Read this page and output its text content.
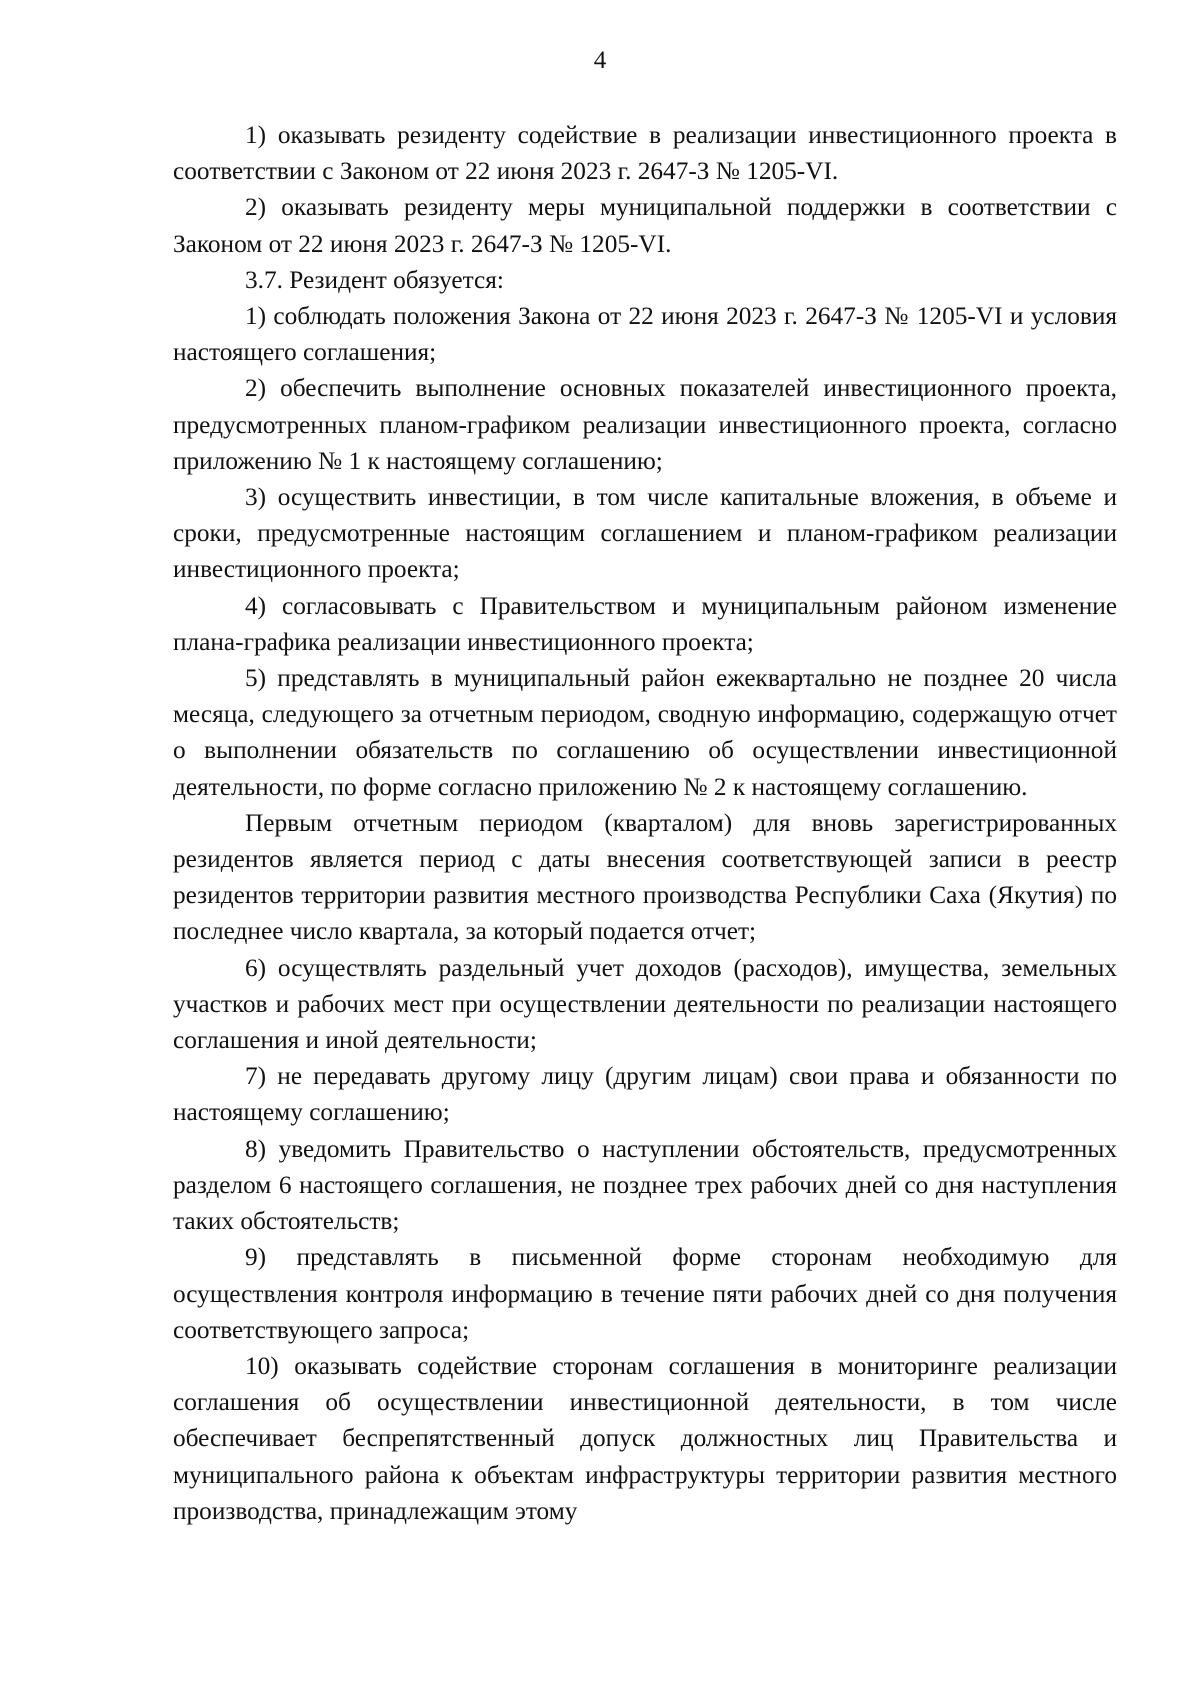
4

1) оказывать резиденту содействие в реализации инвестиционного проекта в соответствии с Законом от 22 июня 2023 г. 2647-З № 1205-VI.

2) оказывать резиденту меры муниципальной поддержки в соответствии с Законом от 22 июня 2023 г. 2647-З № 1205-VI.

3.7. Резидент обязуется:

1) соблюдать положения Закона от 22 июня 2023 г. 2647-З № 1205-VI и условия настоящего соглашения;

2) обеспечить выполнение основных показателей инвестиционного проекта, предусмотренных планом-графиком реализации инвестиционного проекта, согласно приложению № 1 к настоящему соглашению;

3) осуществить инвестиции, в том числе капитальные вложения, в объеме и сроки, предусмотренные настоящим соглашением и планом-графиком реализации инвестиционного проекта;

4) согласовывать с Правительством и муниципальным районом изменение плана-графика реализации инвестиционного проекта;

5) представлять в муниципальный район ежеквартально не позднее 20 числа месяца, следующего за отчетным периодом, сводную информацию, содержащую отчет о выполнении обязательств по соглашению об осуществлении инвестиционной деятельности, по форме согласно приложению № 2 к настоящему соглашению.

Первым отчетным периодом (кварталом) для вновь зарегистрированных резидентов является период с даты внесения соответствующей записи в реестр резидентов территории развития местного производства Республики Саха (Якутия) по последнее число квартала, за который подается отчет;

6) осуществлять раздельный учет доходов (расходов), имущества, земельных участков и рабочих мест при осуществлении деятельности по реализации настоящего соглашения и иной деятельности;

7) не передавать другому лицу (другим лицам) свои права и обязанности по настоящему соглашению;

8) уведомить Правительство о наступлении обстоятельств, предусмотренных разделом 6 настоящего соглашения, не позднее трех рабочих дней со дня наступления таких обстоятельств;

9) представлять в письменной форме сторонам необходимую для осуществления контроля информацию в течение пяти рабочих дней со дня получения соответствующего запроса;

10) оказывать содействие сторонам соглашения в мониторинге реализации соглашения об осуществлении инвестиционной деятельности, в том числе обеспечивает беспрепятственный допуск должностных лиц Правительства и муниципального района к объектам инфраструктуры территории развития местного производства, принадлежащим этому
